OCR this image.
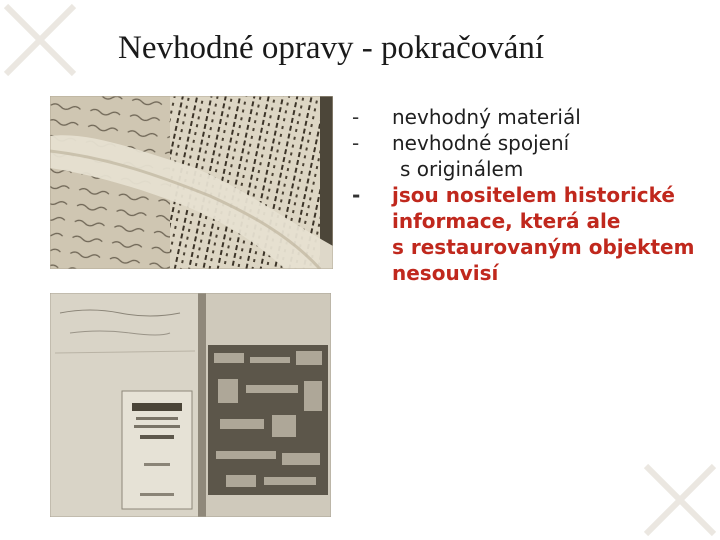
Nevhodné opravy - pokračování
- nevhodný materiál
- nevhodné spojení
s originálem
- jsou nositelem historické
informace, která ale
s restaurovaným objektem
nesouvisí
